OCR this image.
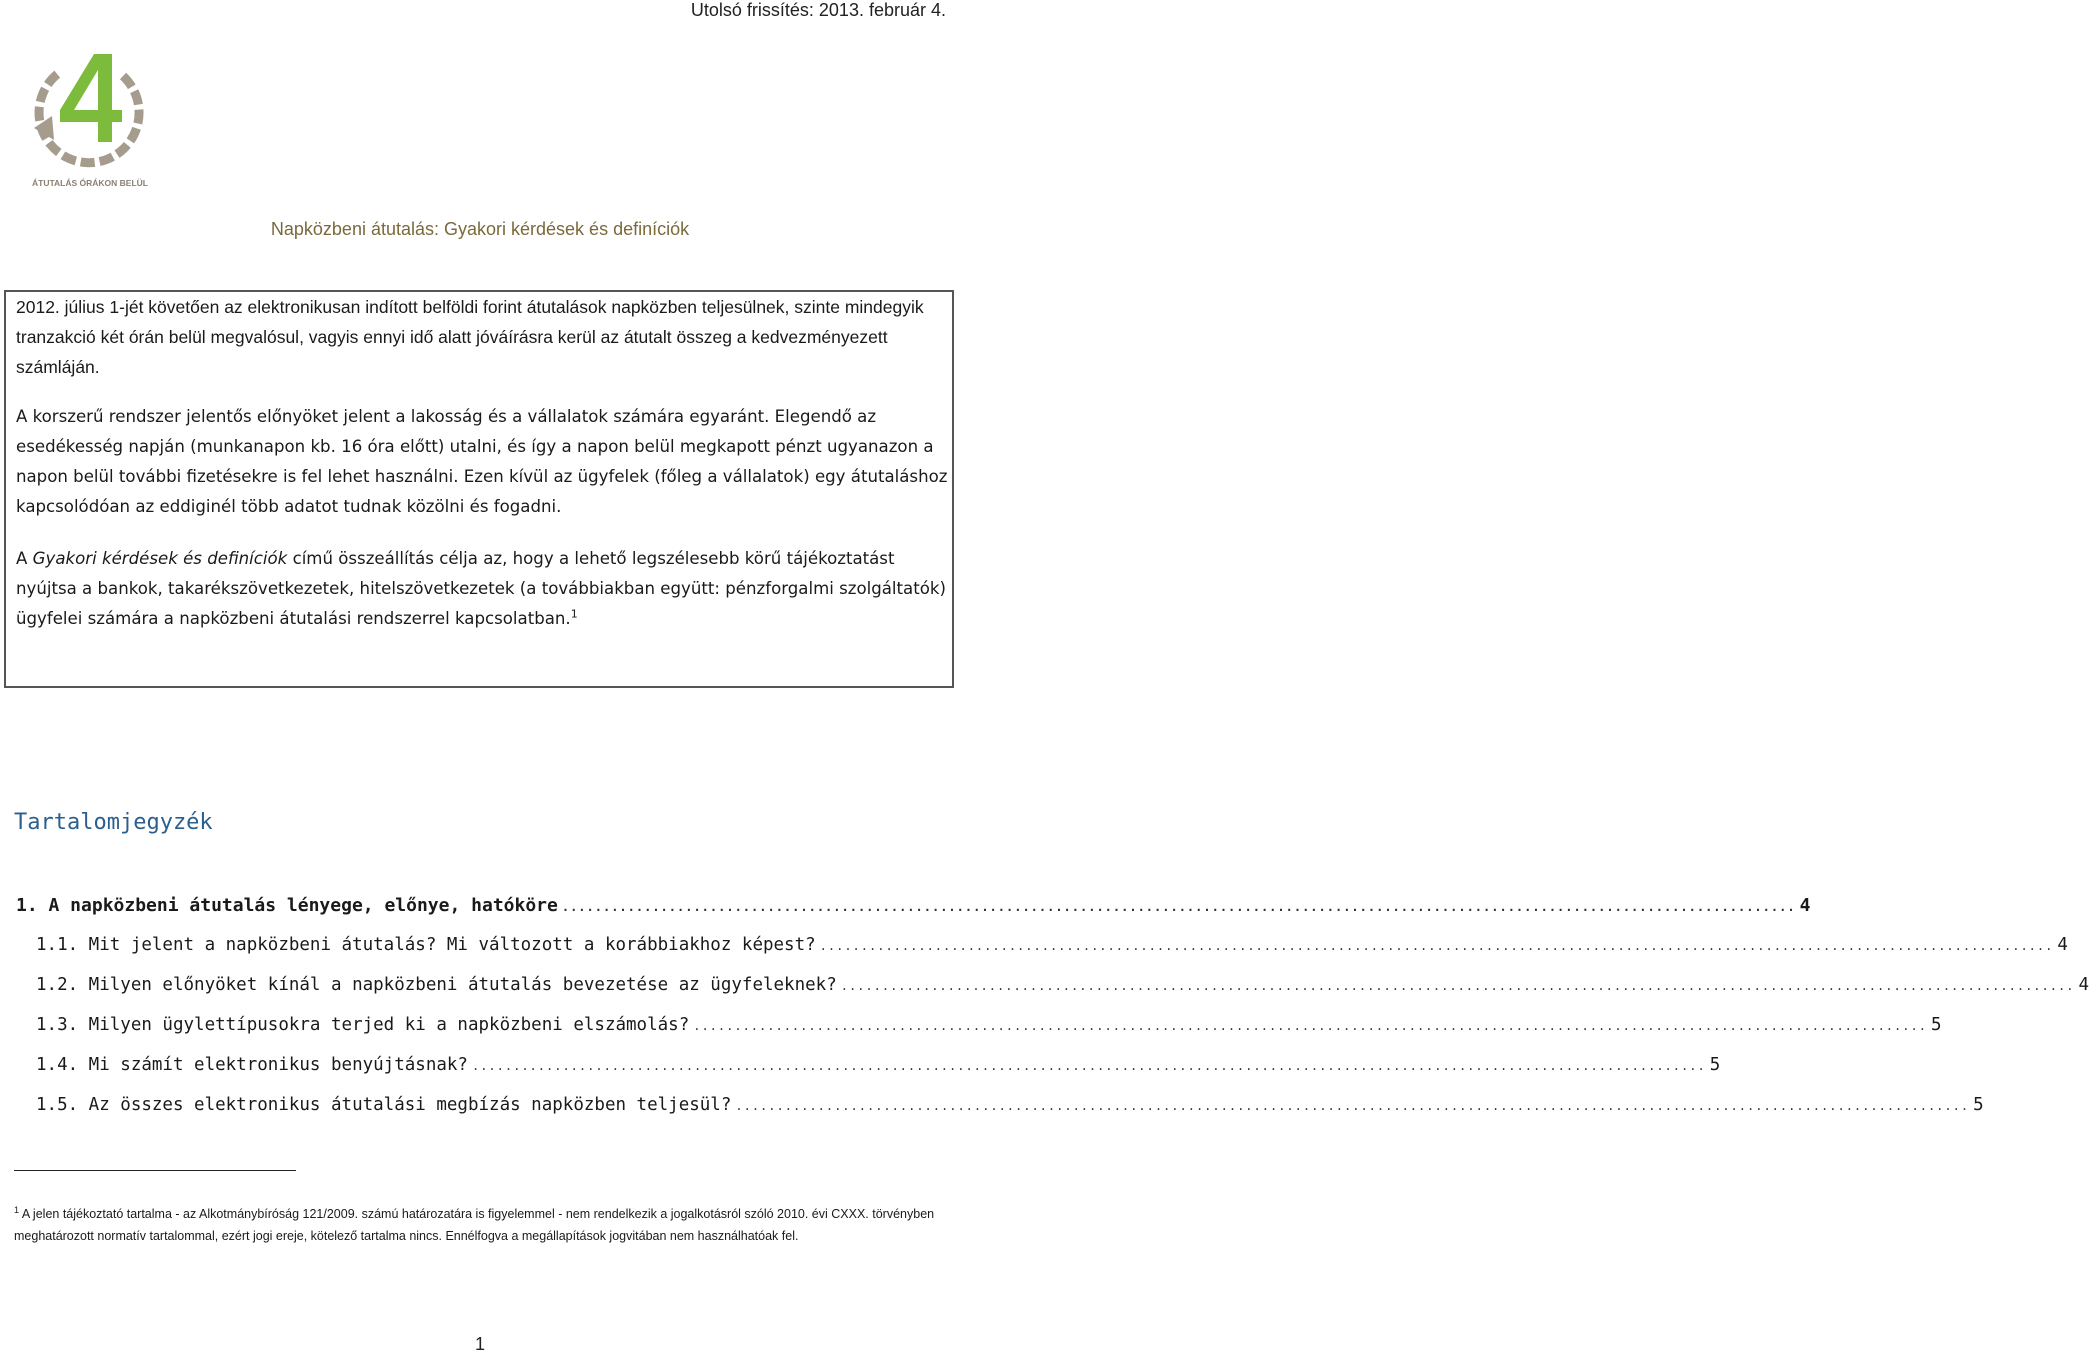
Utolsó frissítés: 2013. február 4.
ÁTUTALÁS ÓRÁKON BELÜL
Napközbeni átutalás: Gyakori kérdések és definíciók

2012. július 1-jét követően az elektronikusan indított belföldi forint átutalások napközben teljesülnek, szinte mindegyik tranzakció két órán belül megvalósul, vagyis ennyi idő alatt jóváírásra kerül az átutalt összeg a kedvezményezett számláján.

A korszerű rendszer jelentős előnyöket jelent a lakosság és a vállalatok számára egyaránt. Elegendő az esedékesség napján (munkanapon kb. 16 óra előtt) utalni, és így a napon belül megkapott pénzt ugyanazon a napon belül további fizetésekre is fel lehet használni. Ezen kívül az ügyfelek (főleg a vállalatok) egy átutaláshoz kapcsolódóan az eddiginél több adatot tudnak közölni és fogadni.

A Gyakori kérdések és definíciók című összeállítás célja az, hogy a lehető legszélesebb körű tájékoztatást nyújtsa a bankok, takarékszövetkezetek, hitelszövetkezetek (a továbbiakban együtt: pénzforgalmi szolgáltatók) ügyfelei számára a napközbeni átutalási rendszerrel kapcsolatban.$^1$

Tartalomjegyzék
1. A napközbeni átutalás lényege, előnye, hatóköre ...................................................................................................................................................... 4
1.1. Mit jelent a napközbeni átutalás? Mi változott a korábbiakhoz képest? ...................................................................................................................................................... 4
1.2. Milyen előnyöket kínál a napközbeni átutalás bevezetése az ügyfeleknek? ...................................................................................................................................................... 4
1.3. Milyen ügylettípusokra terjed ki a napközbeni elszámolás? ...................................................................................................................................................... 5
1.4. Mi számít elektronikus benyújtásnak? ...................................................................................................................................................... 5
1.5. Az összes elektronikus átutalási megbízás napközben teljesül? ...................................................................................................................................................... 5
$^1$ A jelen tájékoztató tartalma - az Alkotmánybíróság 121/2009. számú határozatára is figyelemmel - nem rendelkezik a jogalkotásról szóló 2010. évi CXXX. törvényben meghatározott normatív tartalommal, ezért jogi ereje, kötelező tartalma nincs. Ennélfogva a megállapítások jogvitában nem használhatóak fel.
1
